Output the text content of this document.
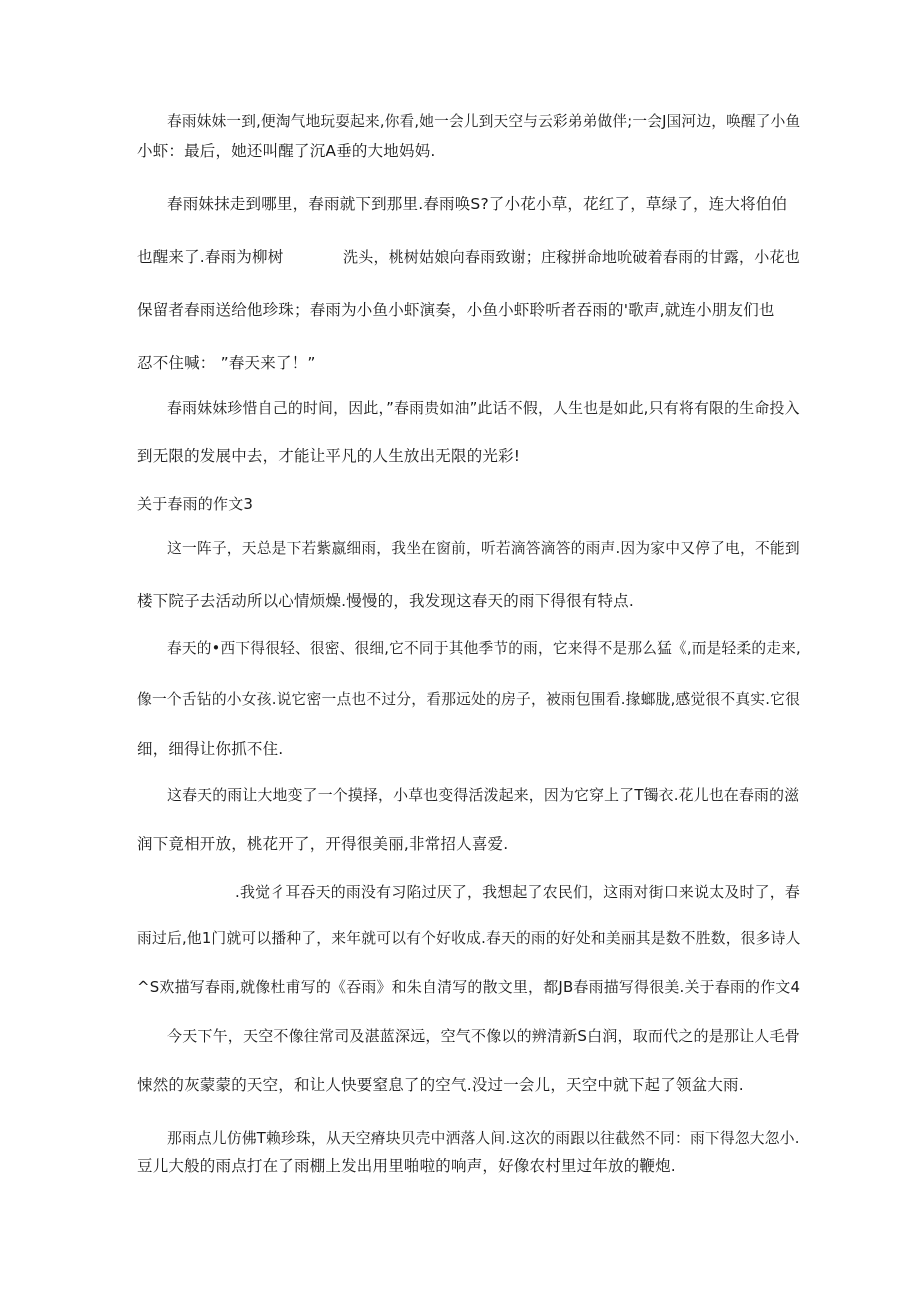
春雨妹妹一到,便淘气地玩耍起来,你看,她一会儿到天空与云彩弟弟做伴;一会J国河边，唤醒了小鱼
小虾：最后，她还叫醒了沉A垂的大地妈妈.
春雨妹抹走到哪里，春雨就下到那里.春雨唤S?了小花小草，花红了，草绿了，连大将伯伯
也醒来了.春雨为柳树	洗头，桃树姑娘向春雨致谢；庄稼拼命地吮破着春雨的甘露，小花也
保留者春雨送给他珍珠；春雨为小鱼小虾演奏，小鱼小虾聆听者吞雨的'歌声,就连小朋友们也
忍不住喊： ”春天来了！”
春雨妹妹珍惜自己的时间，因此，”春雨贵如油”此话不假，人生也是如此,只有将有限的生命投入
到无限的发展中去，才能让平凡的人生放出无限的光彩!
关于春雨的作文3
这一阵子，天总是下若紫嬴细雨，我坐在窗前，听若滴答滴答的雨声.因为家中又停了电，不能到
楼下院子去活动所以心情烦燥.慢慢的，我发现这春天的雨下得很有特点.
春天的•西下得很轻、很密、很细,它不同于其他季节的雨，它来得不是那么猛《,而是轻柔的走来,
像一个舌钻的小女孩.说它密一点也不过分，看那远处的房子，被雨包围看.掾螂胧,感觉很不真实.它很
细，细得让你抓不住.
这春天的雨让大地变了一个摸择，小草也变得活泼起来，因为它穿上了T镯衣.花儿也在春雨的滋
润下竟相开放，桃花开了，开得很美丽,非常招人喜爱.
.我觉彳耳吞天的雨没有习陷过厌了，我想起了农民们，这雨对街口来说太及时了，春
雨过后,他1门就可以播种了，来年就可以有个好收成.春天的雨的好处和美丽其是数不胜数，很多诗人
^S欢描写春雨,就像杜甫写的《吞雨》和朱自清写的散文里，都JB春雨描写得很美.关于春雨的作文4
今天下午，天空不像往常司及湛蓝深远，空气不像以的辨清新S白润，取而代之的是那让人毛骨
悚然的灰蒙蒙的天空，和让人快要窒息了的空气.没过一会儿，天空中就下起了领盆大雨.
那雨点儿仿佛T赖珍珠，从天空瘠块贝壳中洒落人间.这次的雨跟以往截然不同：雨下得忽大忽小.
豆儿大般的雨点打在了雨棚上发出用里啪啦的响声，好像农村里过年放的鞭炮.
